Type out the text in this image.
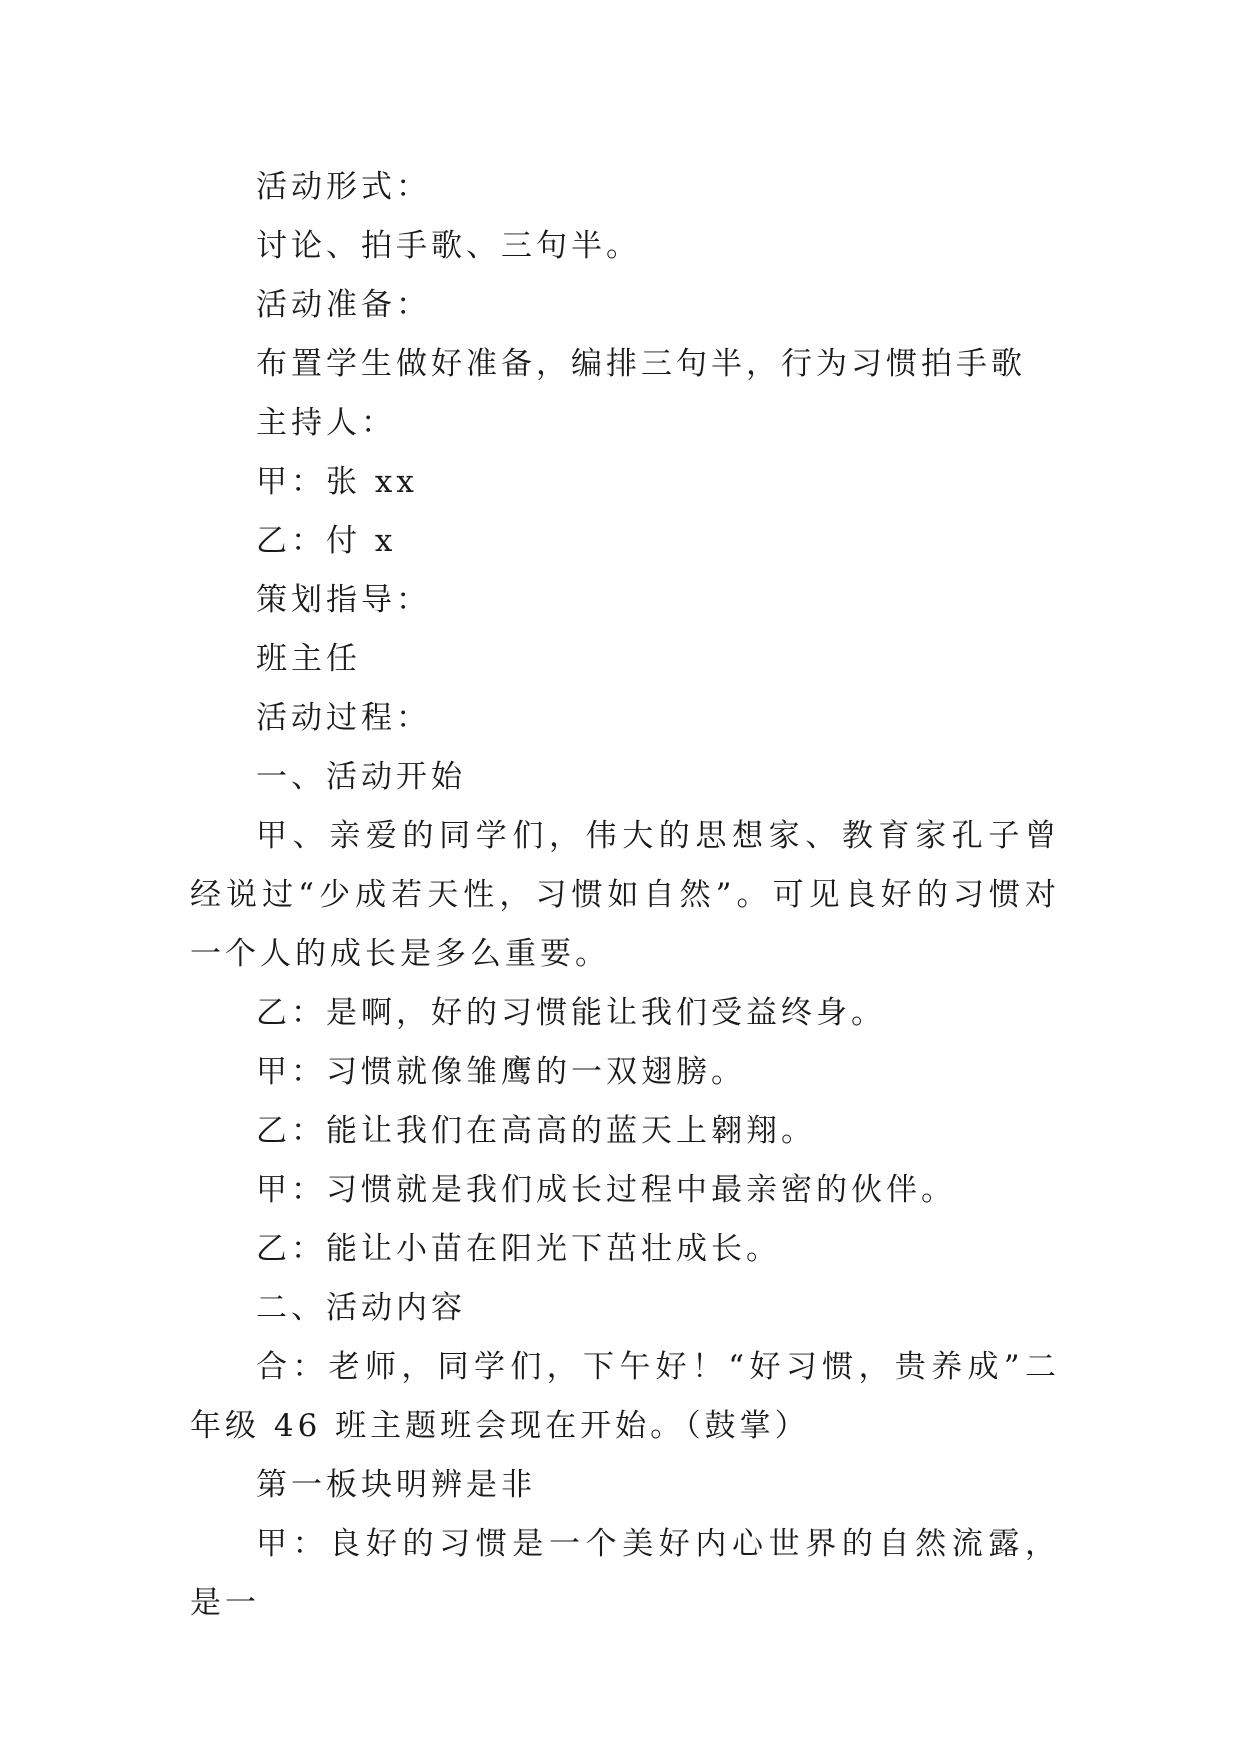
活动形式：

讨论、拍手歌、三句半。

活动准备：

布置学生做好准备，编排三句半，行为习惯拍手歌

主持人：

甲：张 xx

乙：付 x

策划指导：

班主任

活动过程：

一、活动开始

甲、亲爱的同学们，伟大的思想家、教育家孔子曾经说过“少成若天性，习惯如自然”。可见良好的习惯对一个人的成长是多么重要。

乙：是啊，好的习惯能让我们受益终身。

甲：习惯就像雏鹰的一双翅膀。

乙：能让我们在高高的蓝天上翱翔。

甲：习惯就是我们成长过程中最亲密的伙伴。

乙：能让小苗在阳光下茁壮成长。

二、活动内容

合：老师，同学们，下午好！“好习惯，贵养成”二年级 46 班主题班会现在开始。（鼓掌）

第一板块明辨是非

甲：良好的习惯是一个美好内心世界的自然流露，是一
